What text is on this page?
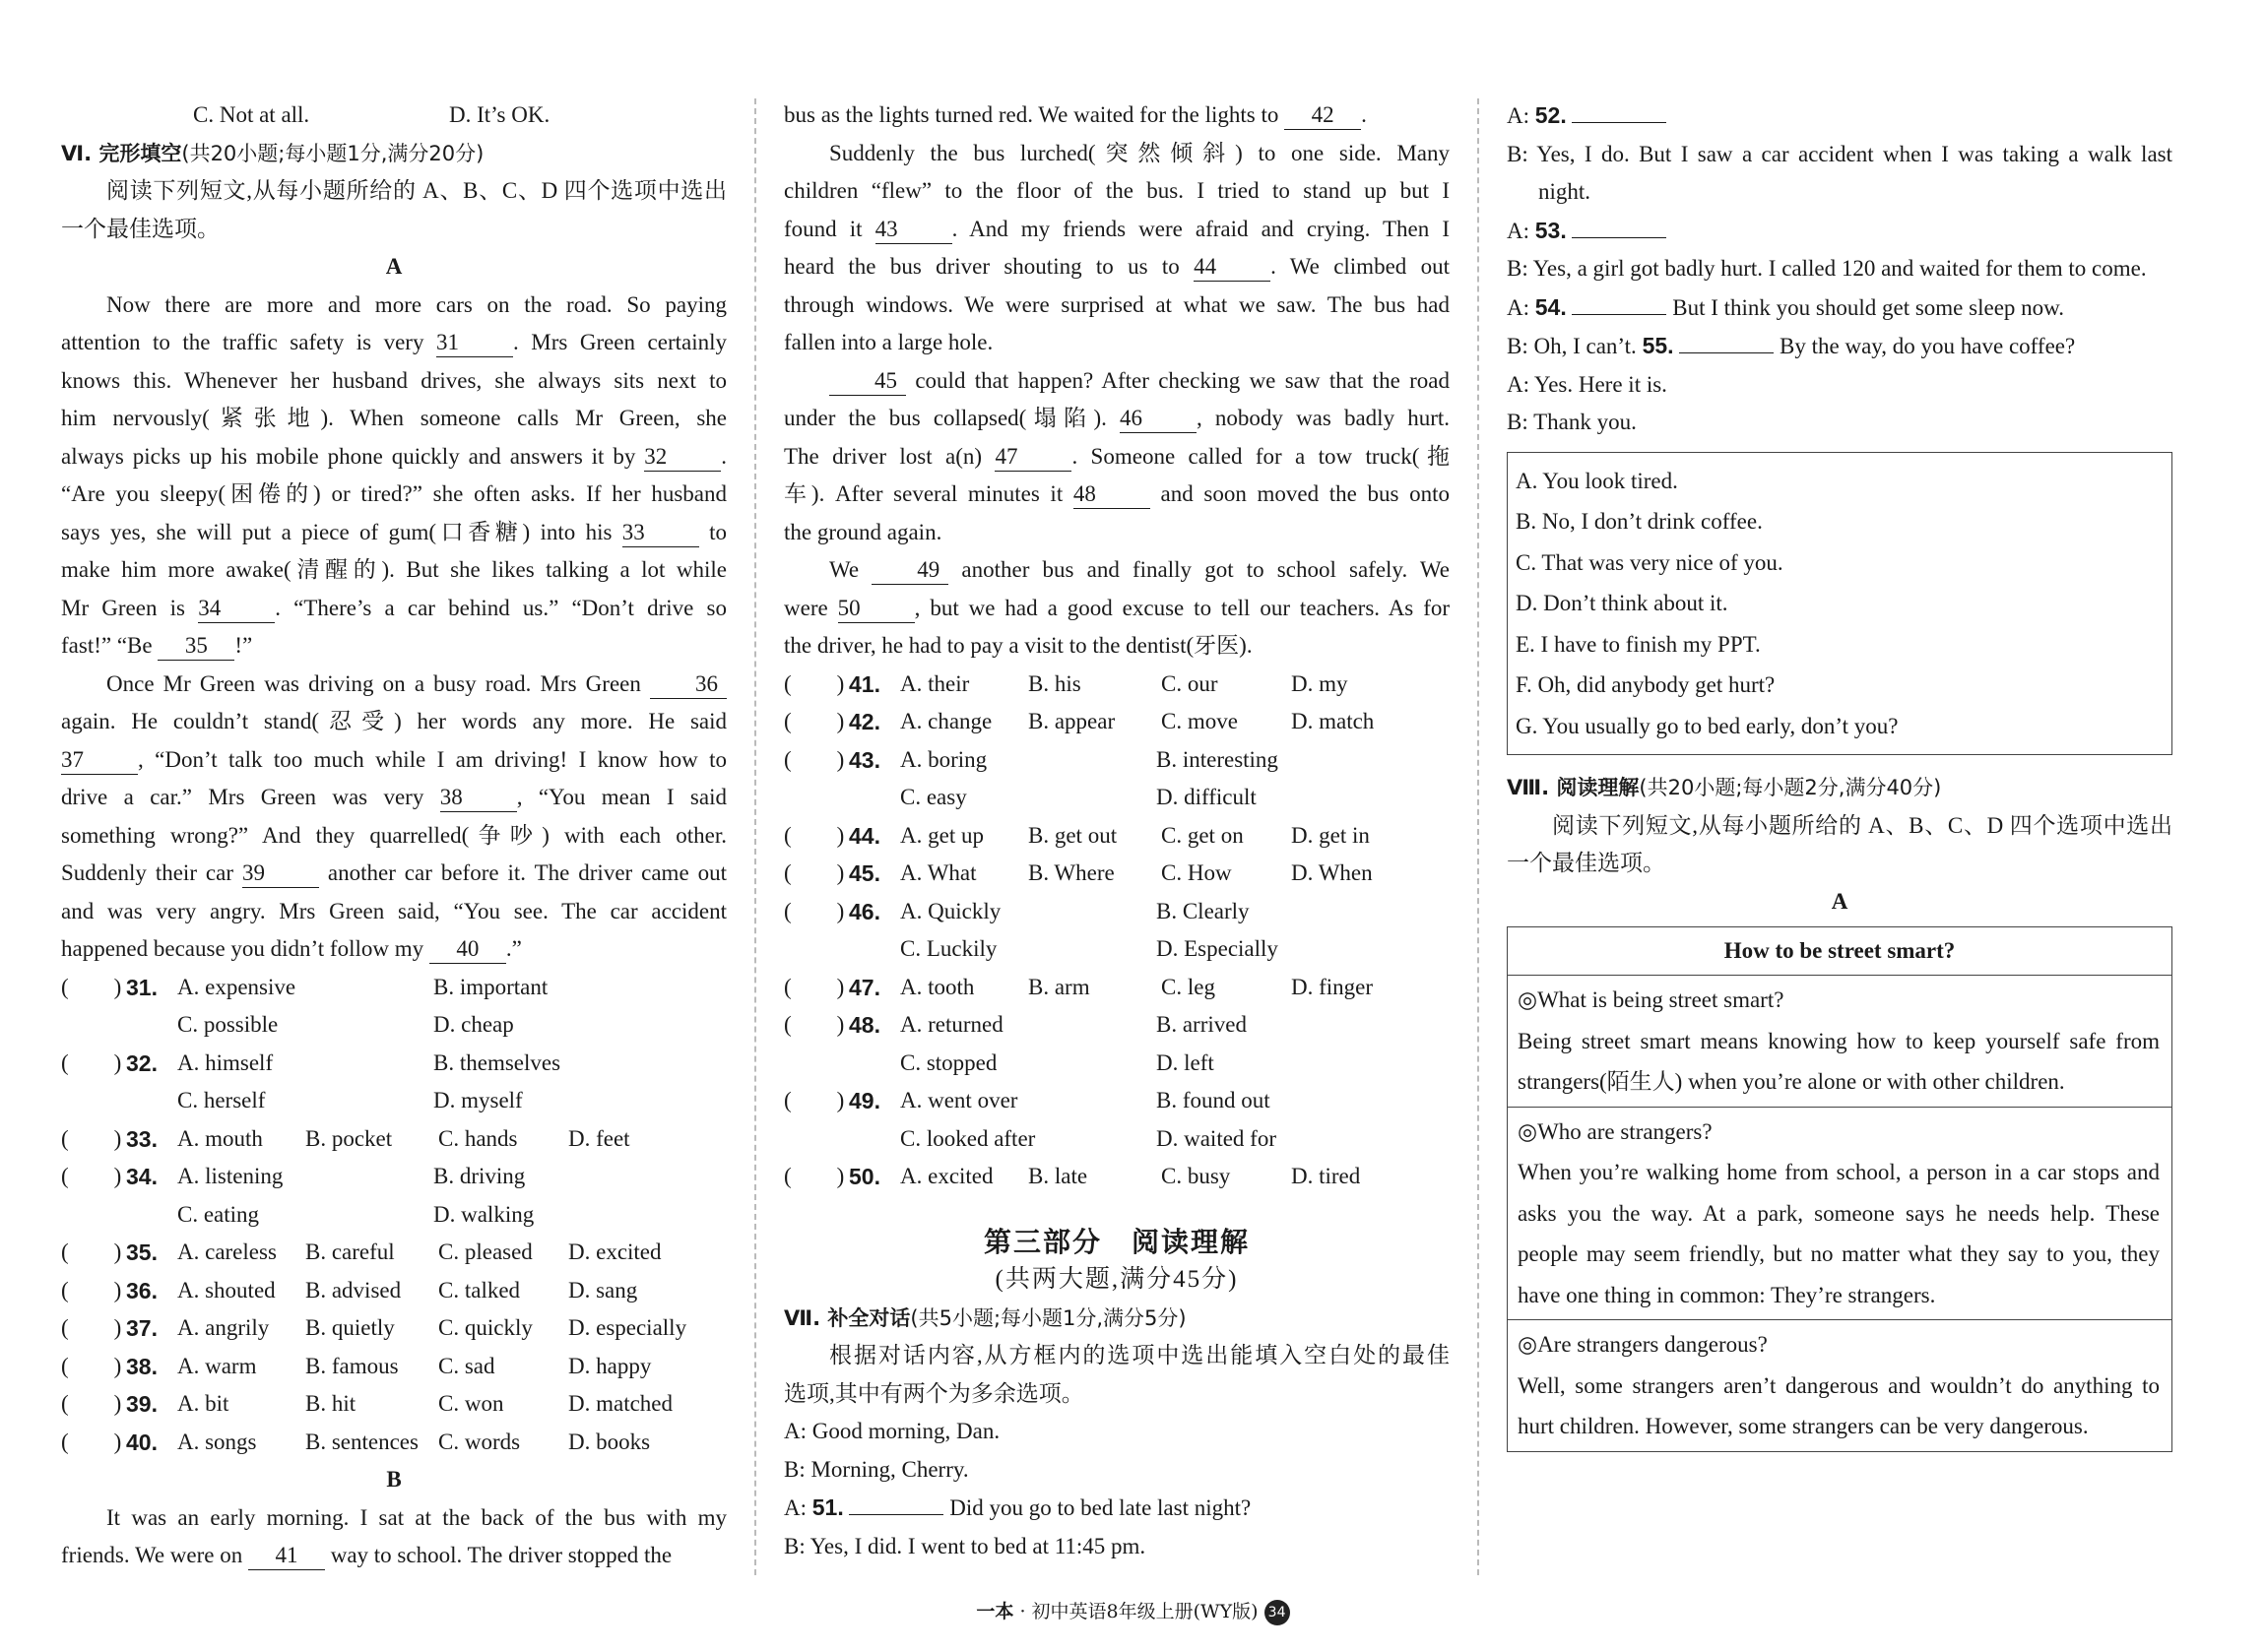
C. Not at all.	D. It’s OK.

Ⅵ. 完形填空(共20小题;每小题1分,满分20分)

阅读下列短文,从每小题所给的 A、B、C、D 四个选项中选出

一个最佳选项。

A

Now there are more and more cars on the road. So paying

attention to the traffic safety is very 31 . Mrs Green certainly

knows this. Whenever her husband drives, she always sits next to

him nervously(紧张地). When someone calls Mr Green, she

always picks up his mobile phone quickly and answers it by 32 .

“Are you sleepy(困倦的) or tired?” she often asks. If her husband

says yes, she will put a piece of gum(口香糖) into his 33 to

make him more awake(清醒的). But she likes talking a lot while

Mr Green is 34 . “There’s a car behind us.” “Don’t drive so

fast!” “Be 35 !”

Once Mr Green was driving on a busy road. Mrs Green 36

again. He couldn’t stand(忍受) her words any more. He said

37 , “Don’t talk too much while I am driving! I know how to

drive a car.” Mrs Green was very 38 , “You mean I said

something wrong?” And they quarrelled(争吵) with each other.

Suddenly their car 39 another car before it. The driver came out

and was very angry. Mrs Green said, “You see. The car accident

happened because you didn’t follow my 40 .”

(　　) 31. A. expensive	B. important
C. possible	D. cheap
(　　) 32. A. himself	B. themselves
C. herself	D. myself
(　　) 33. A. mouth	B. pocket	C. hands	D. feet
(　　) 34. A. listening	B. driving
C. eating	D. walking
(　　) 35. A. careless	B. careful	C. pleased	D. excited
(　　) 36. A. shouted	B. advised	C. talked	D. sang
(　　) 37. A. angrily	B. quietly	C. quickly	D. especially
(　　) 38. A. warm	B. famous	C. sad	D. happy
(　　) 39. A. bit	B. hit	C. won	D. matched
(　　) 40. A. songs	B. sentences C. words	D. books

B

It was an early morning. I sat at the back of the bus with my

friends. We were on 41 way to school. The driver stopped the

bus as the lights turned red. We waited for the lights to 42 .

Suddenly the bus lurched(突然倾斜) to one side. Many

children “flew” to the floor of the bus. I tried to stand up but I

found it 43 . And my friends were afraid and crying. Then I

heard the bus driver shouting to us to 44 . We climbed out

through windows. We were surprised at what we saw. The bus had

fallen into a large hole.

45 could that happen? After checking we saw that the road

under the bus collapsed(塌陷). 46 , nobody was badly hurt.

The driver lost a(n) 47 . Someone called for a tow truck(拖

车). After several minutes it 48 and soon moved the bus onto

the ground again.

We 49 another bus and finally got to school safely. We

were 50 , but we had a good excuse to tell our teachers. As for

the driver, he had to pay a visit to the dentist(牙医).

(　　) 41. A. their	B. his	C. our	D. my
(　　) 42. A. change	B. appear	C. move	D. match
(　　) 43. A. boring	B. interesting
C. easy	D. difficult
(　　) 44. A. get up	B. get out	C. get on	D. get in
(　　) 45. A. What	B. Where	C. How	D. When
(　　) 46. A. Quickly	B. Clearly
C. Luckily	D. Especially
(　　) 47. A. tooth	B. arm	C. leg	D. finger
(　　) 48. A. returned	B. arrived
C. stopped	D. left
(　　) 49. A. went over	B. found out
C. looked after	D. waited for
(　　) 50. A. excited	B. late	C. busy	D. tired

第三部分　阅读理解

(共两大题,满分45分)

Ⅶ. 补全对话(共5小题;每小题1分,满分5分)

根据对话内容,从方框内的选项中选出能填入空白处的最佳

选项,其中有两个为多余选项。

A: Good morning, Dan.

B: Morning, Cherry.

A: 51.	Did you go to bed late last night?

B: Yes, I did. I went to bed at 11:45 pm.

A: 52.

B: Yes, I do. But I saw a car accident when I was taking a walk last night.

A: 53.

B: Yes, a girl got badly hurt. I called 120 and waited for them to come.

A: 54.	But I think you should get some sleep now.

B: Oh, I can’t. 55.	By the way, do you have coffee?

A: Yes. Here it is.

B: Thank you.

A. You look tired.

B. No, I don’t drink coffee.

C. That was very nice of you.

D. Don’t think about it.

E. I have to finish my PPT.

F. Oh, did anybody get hurt?

G. You usually go to bed early, don’t you?

Ⅷ. 阅读理解(共20小题;每小题2分,满分40分)

阅读下列短文,从每小题所给的 A、B、C、D 四个选项中选出

一个最佳选项。

A

How to be street smart?

◎What is being street smart?

Being street smart means knowing how to keep yourself safe from strangers(陌生人) when you’re alone or with other children.

◎Who are strangers?

When you’re walking home from school, a person in a car stops and asks you the way. At a park, someone says he needs help. These people may seem friendly, but no matter what they say to you, they have one thing in common: They’re strangers.

◎Are strangers dangerous?

Well, some strangers aren’t dangerous and wouldn’t do anything to hurt children. However, some strangers can be very dangerous.

一本 · 初中英语8年级上册(WY版) 34
